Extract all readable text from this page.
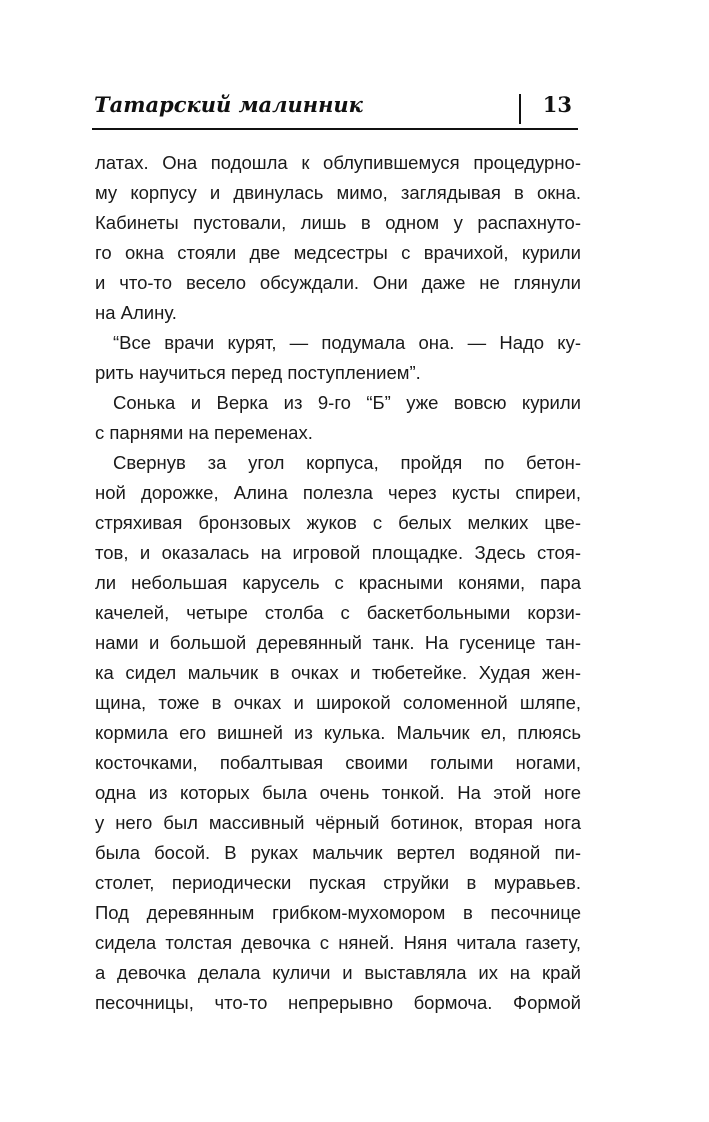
Татарский малинник	13
латах. Она подошла к облупившемуся процедурно-
му корпусу и двинулась мимо, заглядывая в окна.
Кабинеты пустовали, лишь в одном у распахнуто-
го окна стояли две медсестры с врачихой, курили
и что-то весело обсуждали. Они даже не глянули
на Алину.
“Все врачи курят, — подумала она. — Надо ку-
рить научиться перед поступлением”.
Сонька и Верка из 9-го “Б” уже вовсю курили
с парнями на переменах.
Свернув за угол корпуса, пройдя по бетон-
ной дорожке, Алина полезла через кусты спиреи,
стряхивая бронзовых жуков с белых мелких цве-
тов, и оказалась на игровой площадке. Здесь стоя-
ли небольшая карусель с красными конями, пара
качелей, четыре столба с баскетбольными корзи-
нами и большой деревянный танк. На гусенице тан-
ка сидел мальчик в очках и тюбетейке. Худая жен-
щина, тоже в очках и широкой соломенной шляпе,
кормила его вишней из кулька. Мальчик ел, плюясь
косточками, побалтывая своими голыми ногами,
одна из которых была очень тонкой. На этой ноге
у него был массивный чёрный ботинок, вторая нога
была босой. В руках мальчик вертел водяной пи-
столет, периодически пуская струйки в муравьев.
Под деревянным грибком-мухомором в песочнице
сидела толстая девочка с няней. Няня читала газету,
а девочка делала куличи и выставляла их на край
песочницы, что-то непрерывно бормоча. Формой
